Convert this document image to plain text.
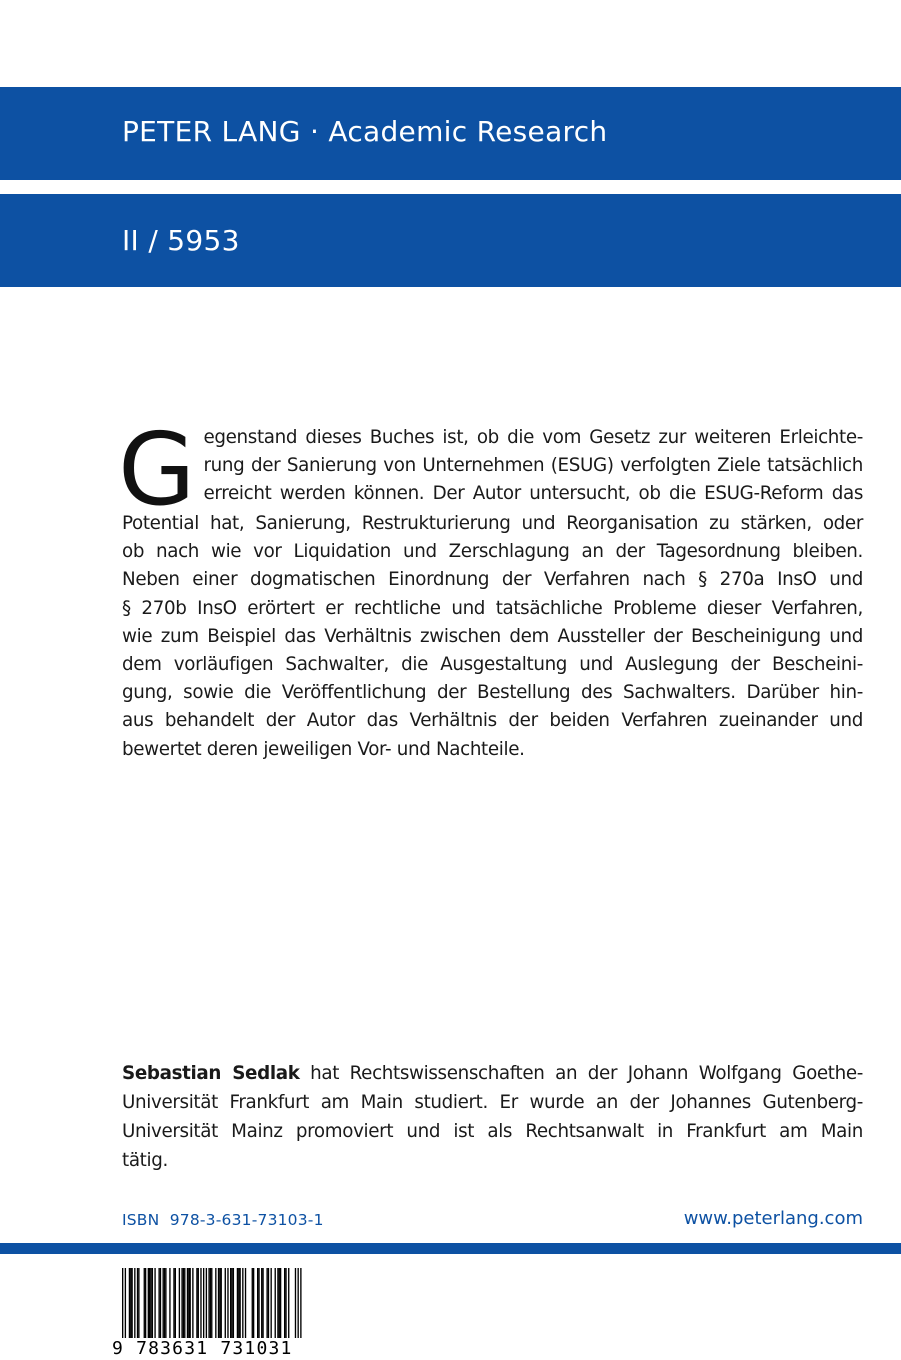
PETER LANG · Academic Research
II / 5953
G egenstand dieses Buches ist, ob die vom Gesetz zur weiteren Erleichte-
rung der Sanierung von Unternehmen (ESUG) verfolgten Ziele tatsächlich
erreicht werden können. Der Autor untersucht, ob die ESUG-Reform das
Potential hat, Sanierung, Restrukturierung und Reorganisation zu stärken, oder
ob nach wie vor Liquidation und Zerschlagung an der Tagesordnung bleiben.
Neben einer dogmatischen Einordnung der Verfahren nach § 270a InsO und
§ 270b InsO erörtert er rechtliche und tatsächliche Probleme dieser Verfahren,
wie zum Beispiel das Verhältnis zwischen dem Aussteller der Bescheinigung und
dem vorläufigen Sachwalter, die Ausgestaltung und Auslegung der Bescheini-
gung, sowie die Veröffentlichung der Bestellung des Sachwalters. Darüber hin-
aus behandelt der Autor das Verhältnis der beiden Verfahren zueinander und
bewertet deren jeweiligen Vor- und Nachteile.
Sebastian Sedlak hat Rechtswissenschaften an der Johann Wolfgang Goethe-
Universität Frankfurt am Main studiert. Er wurde an der Johannes Gutenberg-
Universität Mainz promoviert und ist als Rechtsanwalt in Frankfurt am Main
tätig.
ISBN  978-3-631-73103-1	www.peterlang.com
9 783631 731031
